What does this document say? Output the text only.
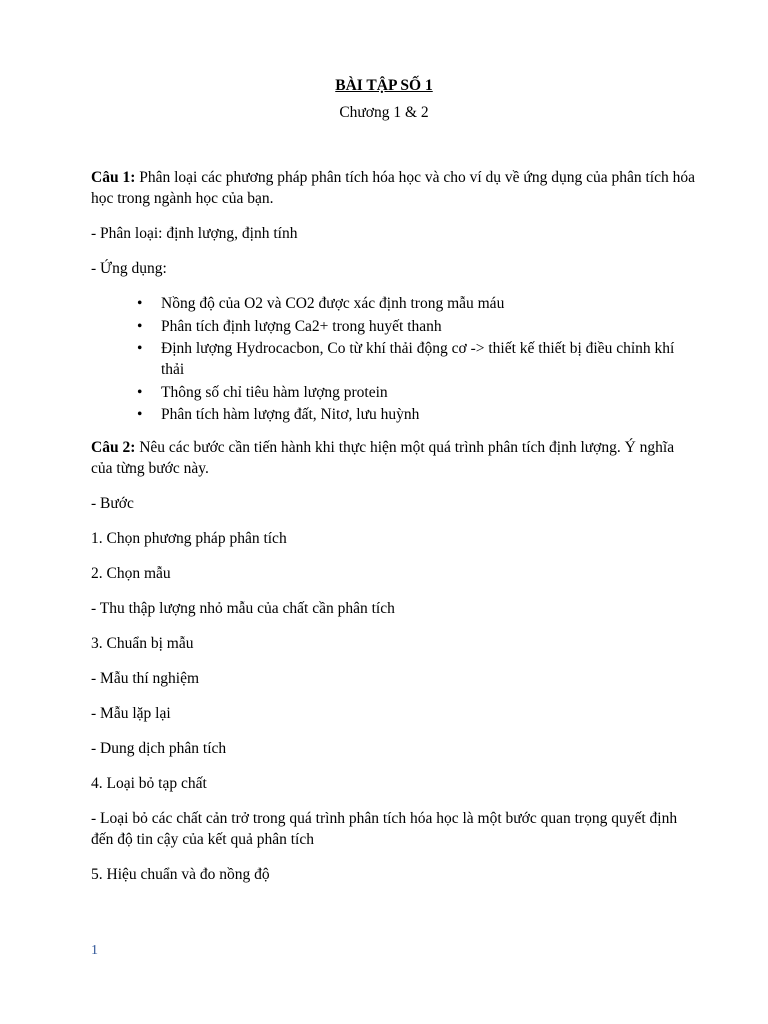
BÀI TẬP SỐ 1
Chương 1 & 2

Câu 1: Phân loại các phương pháp phân tích hóa học và cho ví dụ về ứng dụng của phân tích hóa học trong ngành học của bạn.

- Phân loại: định lượng, định tính

- Ứng dụng:

• Nồng độ của O2 và CO2 được xác định trong mẫu máu
• Phân tích định lượng Ca2+ trong huyết thanh
• Định lượng Hydrocacbon, Co từ khí thải động cơ -> thiết kế thiết bị điều chỉnh khí thải
• Thông số chỉ tiêu hàm lượng protein
• Phân tích hàm lượng đất, Nitơ, lưu huỳnh

Câu 2: Nêu các bước cần tiến hành khi thực hiện một quá trình phân tích định lượng. Ý nghĩa của từng bước này.

- Bước

1. Chọn phương pháp phân tích

2. Chọn mẫu

- Thu thập lượng nhỏ mẫu của chất cần phân tích

3. Chuẩn bị mẫu

- Mẫu thí nghiệm

- Mẫu lặp lại

- Dung dịch phân tích

4. Loại bỏ tạp chất

- Loại bỏ các chất cản trở trong quá trình phân tích hóa học là một bước quan trọng quyết định đến độ tin cậy của kết quả phân tích

5. Hiệu chuẩn và đo nồng độ

1
